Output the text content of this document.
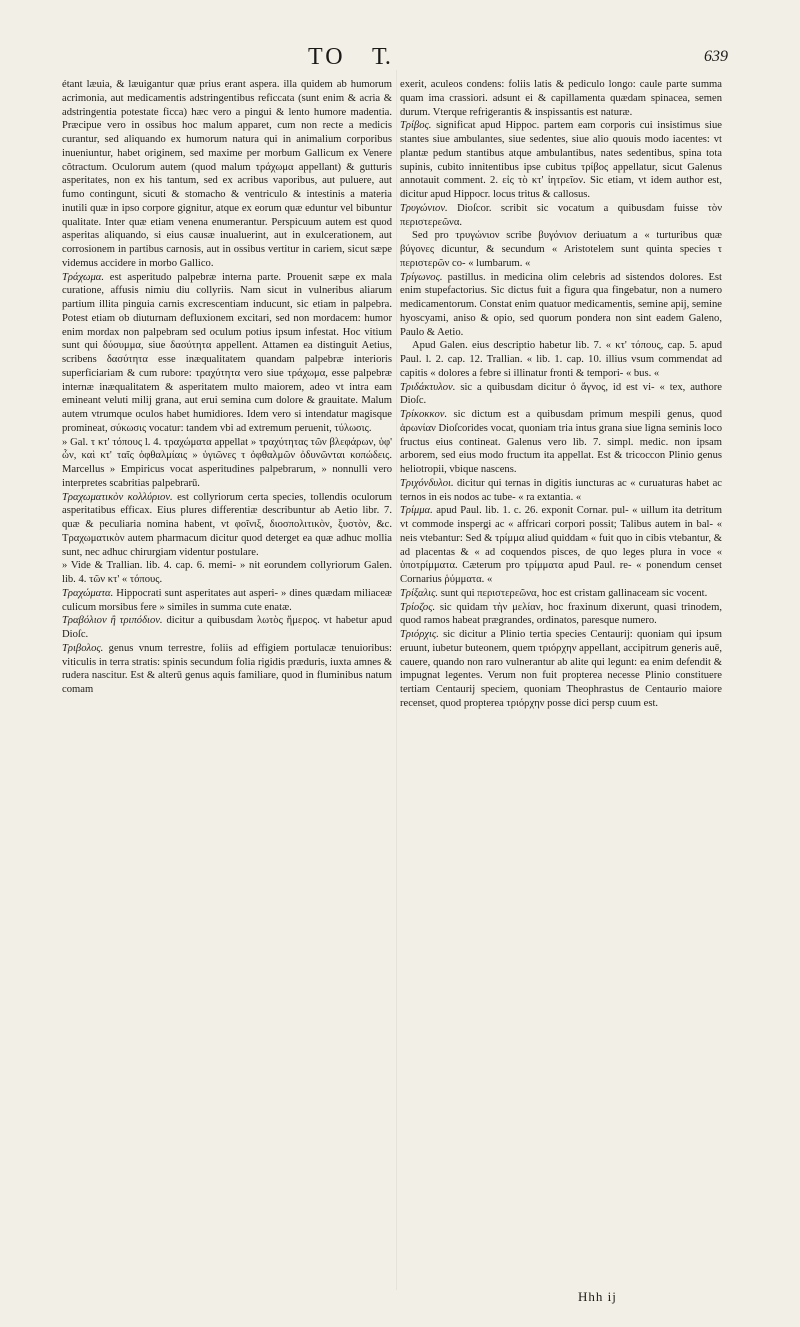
TO T.	639

étant læuia, & læuigantur quæ prius erant aspera. illa quidem ab humorum acrimonia, aut medicamentis adstringentibus reficcata (sunt enim & acria & adstringentia potestate ficca) hæc vero a pingui & lento humore madentia. Præcipue vero in ossibus hoc malum apparet, cum non recte a medicis curantur, sed aliquando ex humorum natura qui in animalium corporibus inueniuntur, habet originem, sed maxime per morbum Gallicum ex Venere cõtractum. Oculorum autem (quod malum τράχωμα appellant) & gutturis asperitates, non ex his tantum, sed ex acribus vaporibus, aut puluere, aut fumo contingunt, sicuti & stomacho & ventriculo & intestinis a materia inutili quæ in ipso corpore gignitur, atque ex eorum quæ eduntur vel bibuntur qualitate. Inter quæ etiam venena enumerantur. Perspicuum autem est quod asperitas aliquando, si eius causæ inualuerint, aut in exulcerationem, aut corrosionem in partibus carnosis, aut in ossibus vertitur in cariem, sicut sæpe videmus accidere in morbo Gallico.

Τράχωμα. est asperitudo palpebræ interna parte. Prouenit sæpe ex mala curatione, affusis nimiu diu collyriis. Nam sicut in vulneribus aliarum partium illita pinguia carnis excrescentiam inducunt, sic etiam in palpebra. Potest etiam ob diuturnam defluxionem excitari, sed non mordacem: humor enim mordax non palpebram sed oculum potius ipsum infestat. Hoc vitium sunt qui δύσυμμα, siue δασύτητα appellent. Attamen ea distinguit Aetius, scribens δασύτητα esse inæqualitatem quandam palpebræ interioris superficiariam & cum rubore: τραχύτητα vero siue τράχωμα, esse palpebræ internæ inæqualitatem & asperitatem multo maiorem, adeo vt intra eam emineant veluti milij grana, aut erui semina cum dolore & grauitate. Malum autem vtrumque oculos habet humidiores. Idem vero si intendatur magisque promineat, σύκωσις vocatur: tandem vbi ad extremum peruenit, τύλωσις.

» Gal. τ κτ' τόπους l. 4. τραχώματα appellat » τραχύτητας τῶν βλεφάρων, ὑφ' ὧν, καὶ κτ' ταῖς ὀφθαλμίαις » ὑγιῶνες τ ὀφθαλμῶν ὀδυνῶνται κοπώδεις. Marcellus » Empiricus vocat asperitudines palpebrarum, » nonnulli vero interpretes scabritias palpebrarū.

Τραχωματικὸν κολλύριον. est collyriorum certa species, tollendis oculorum asperitatibus efficax. Eius plures differentiæ describuntur ab Aetio libr. 7. quæ & peculiaria nomina habent, vt φοῖνιξ, διοσπολιτικὸν, ξυστὸν, &c. Τραχωματικὸν autem pharmacum dicitur quod deterget ea quæ adhuc mollia sunt, nec adhuc chirurgiam videntur postulare.

» Vide & Trallian. lib. 4. cap. 6. memi- » nit eorundem collyriorum Galen. lib. 4. τῶν κτ' « τόπους.

Τραχώματα. Hippocrati sunt asperitates aut asperi- » dines quædam miliaceæ culicum morsibus fere » similes in summa cute enatæ.

Τραβόλιον ἢ τριπόδιον. dicitur a quibusdam λωτὸς ἥμερος. vt habetur apud Dioſc.

Τριβολος. genus vnum terrestre, foliis ad effigiem portulacæ tenuioribus: viticulis in terra stratis: spinis secundum folia rigidis præduris, iuxta amnes & rudera nascitur. Est & alterū genus aquis familiare, quod in fluminibus natum comam

exerit, aculeos condens: foliis latis & pediculo longo: caule parte summa quam ima crassiori. adsunt ei & capillamenta quædam spinacea, semen durum. Vterque refrigerantis & inspissantis est naturæ.

Τρίβος. significat apud Hippoc. partem eam corporis cui insistimus siue stantes siue ambulantes, siue sedentes, siue alio quouis modo iacentes: vt plantæ pedum stantibus atque ambulantibus, nates sedentibus, spina tota supinis, cubito innitentibus ipse cubitus τρίβος appellatur, sicut Galenus annotauit comment. 2. εἰς τὸ κτ' ἰητρεῖον. Sic etiam, vt idem author est, dicitur apud Hippocr. locus tritus & callosus.

Τρυγώνιον. Dioſcor. scribit sic vocatum a quibusdam fuisse τὸν περιστερεῶνα.

Sed pro τρυγώνιον scribe βυγόνιον deriuatum a « turturibus quæ βύγονες dicuntur, & secundum « Aristotelem sunt quinta species τ περιστερῶν co- « lumbarum. «

Τρίγωνος. pastillus. in medicina olim celebris ad sistendos dolores. Est enim stupefactorius. Sic dictus fuit a figura qua fingebatur, non a numero medicamentorum. Constat enim quatuor medicamentis, semine apij, semine hyoscyami, aniso & opio, sed quorum pondera non sint eadem Galeno, Paulo & Aetio.

Apud Galen. eius descriptio habetur lib. 7. « κτ' τόπους, cap. 5. apud Paul. l. 2. cap. 12. Trallian. « lib. 1. cap. 10. illius vsum commendat ad capitis « dolores a febre si illinatur fronti & tempori- « bus. «

Τριδάκτυλον. sic a quibusdam dicitur ὁ ἄγνος, id est vi- « tex, authore Dioſc.

Τρίκοκκον. sic dictum est a quibusdam primum mespili genus, quod ἀρωνίαν Dioſcorides vocat, quoniam tria intus grana siue ligna seminis loco fructus eius contineat. Galenus vero lib. 7. simpl. medic. non ipsam arborem, sed eius modo fructum ita appellat. Est & tricoccon Plinio genus heliotropii, vbique nascens.

Τριχόνδυλοι. dicitur qui ternas in digitis iuncturas ac « curuaturas habet ac ternos in eis nodos ac tube- « ra extantia. «

Τρίμμα. apud Paul. lib. 1. c. 26. exponit Cornar. pul- « uillum ita detritum vt commode inspergi ac « affricari corpori possit; Talibus autem in bal- « neis vtebantur: Sed & τρίμμα aliud quiddam « fuit quo in cibis vtebantur, & ad placentas & « ad coquendos pisces, de quo leges plura in voce « ὑποτρίμματα. Cæterum pro τρίμματα apud Paul. re- « ponendum censet Cornarius ῥύμματα. «

Τρίξαλις. sunt qui περιστερεῶνα, hoc est cristam gallinaceam sic vocent.

Τρίοζος. sic quidam τὴν μελίαν, hoc fraxinum dixerunt, quasi trinodem, quod ramos habeat prægrandes, ordinatos, paresque numero.

Τριόρχις. sic dicitur a Plinio tertia species Centaurij: quoniam qui ipsum eruunt, iubetur buteonem, quem τριόρχην appellant, accipitrum generis auē, cauere, quando non raro vulnerantur ab alite qui legunt: ea enim defendit & impugnat legentes. Verum non fuit propterea necesse Plinio constituere tertiam Centaurij speciem, quoniam Theophrastus de Centaurio maiore recenset, quod propterea τριόρχην posse dici persp cuum est.

Hhh ij
